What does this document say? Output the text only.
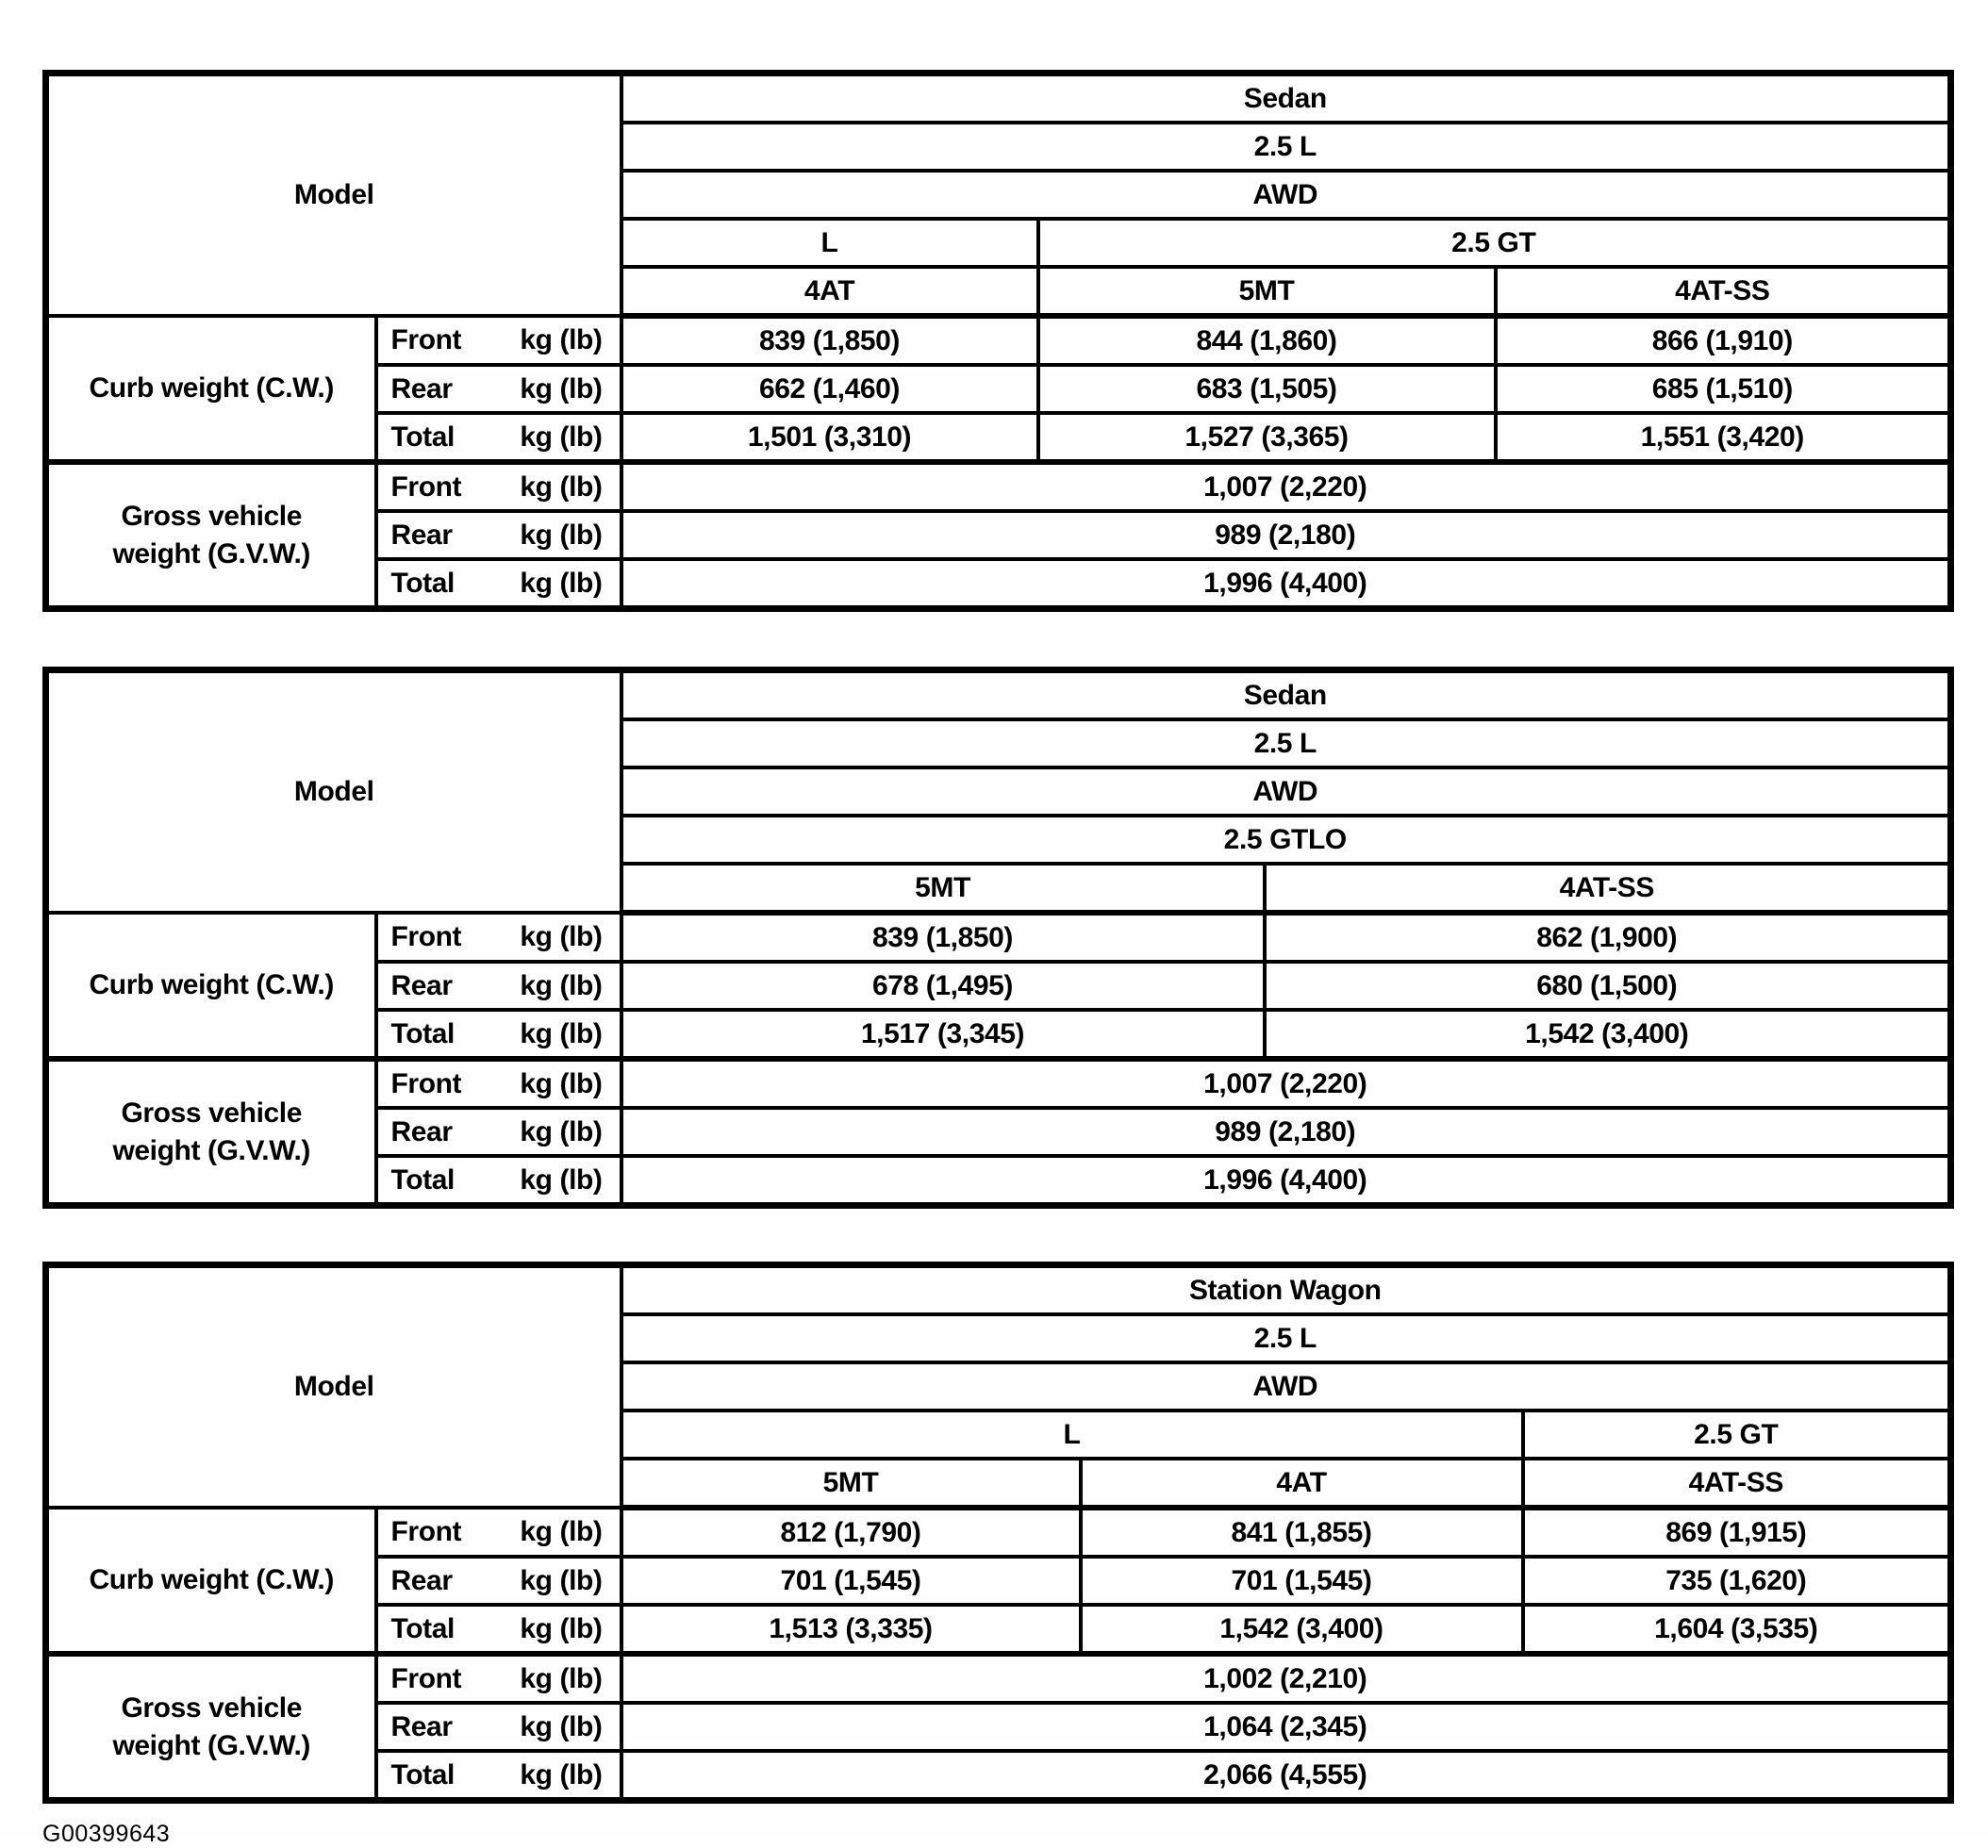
Model		Sedan		
		2.5 L		
		AWD		
		L	2.5 GT	
		4AT	5MT	4AT-SS
Curb weight (C.W.)	Front kg (lb)	839 (1,850)	844 (1,860)	866 (1,910)

	Rear kg (lb)	662 (1,460)	683 (1,505)	685 (1,510)

	Total kg (lb)	1,501 (3,310)	1,527 (3,365)	1,551 (3,420)

Gross vehicle
weight (G.V.W.)	Front kg (lb)	1,007 (2,220)		

	Rear kg (lb)	989 (2,180)		

	Total kg (lb)	1,996 (4,400)		
Model		Sedan	
		2.5 L	
		AWD	
		2.5 GTLO	
		5MT	4AT-SS
Curb weight (C.W.)	Front kg (lb)	839 (1,850)	862 (1,900)

	Rear kg (lb)	678 (1,495)	680 (1,500)

	Total kg (lb)	1,517 (3,345)	1,542 (3,400)

Gross vehicle
weight (G.V.W.)	Front kg (lb)	1,007 (2,220)	

	Rear kg (lb)	989 (2,180)	

	Total kg (lb)	1,996 (4,400)	
Model		Station Wagon		
		2.5 L		
		AWD		
		L		2.5 GT
		5MT	4AT	4AT-SS
Curb weight (C.W.)	Front kg (lb)	812 (1,790)	841 (1,855)	869 (1,915)

	Rear kg (lb)	701 (1,545)	701 (1,545)	735 (1,620)

	Total kg (lb)	1,513 (3,335)	1,542 (3,400)	1,604 (3,535)

Gross vehicle
weight (G.V.W.)	Front kg (lb)	1,002 (2,210)		

	Rear kg (lb)	1,064 (2,345)		

	Total kg (lb)	2,066 (4,555)		
G00399643
